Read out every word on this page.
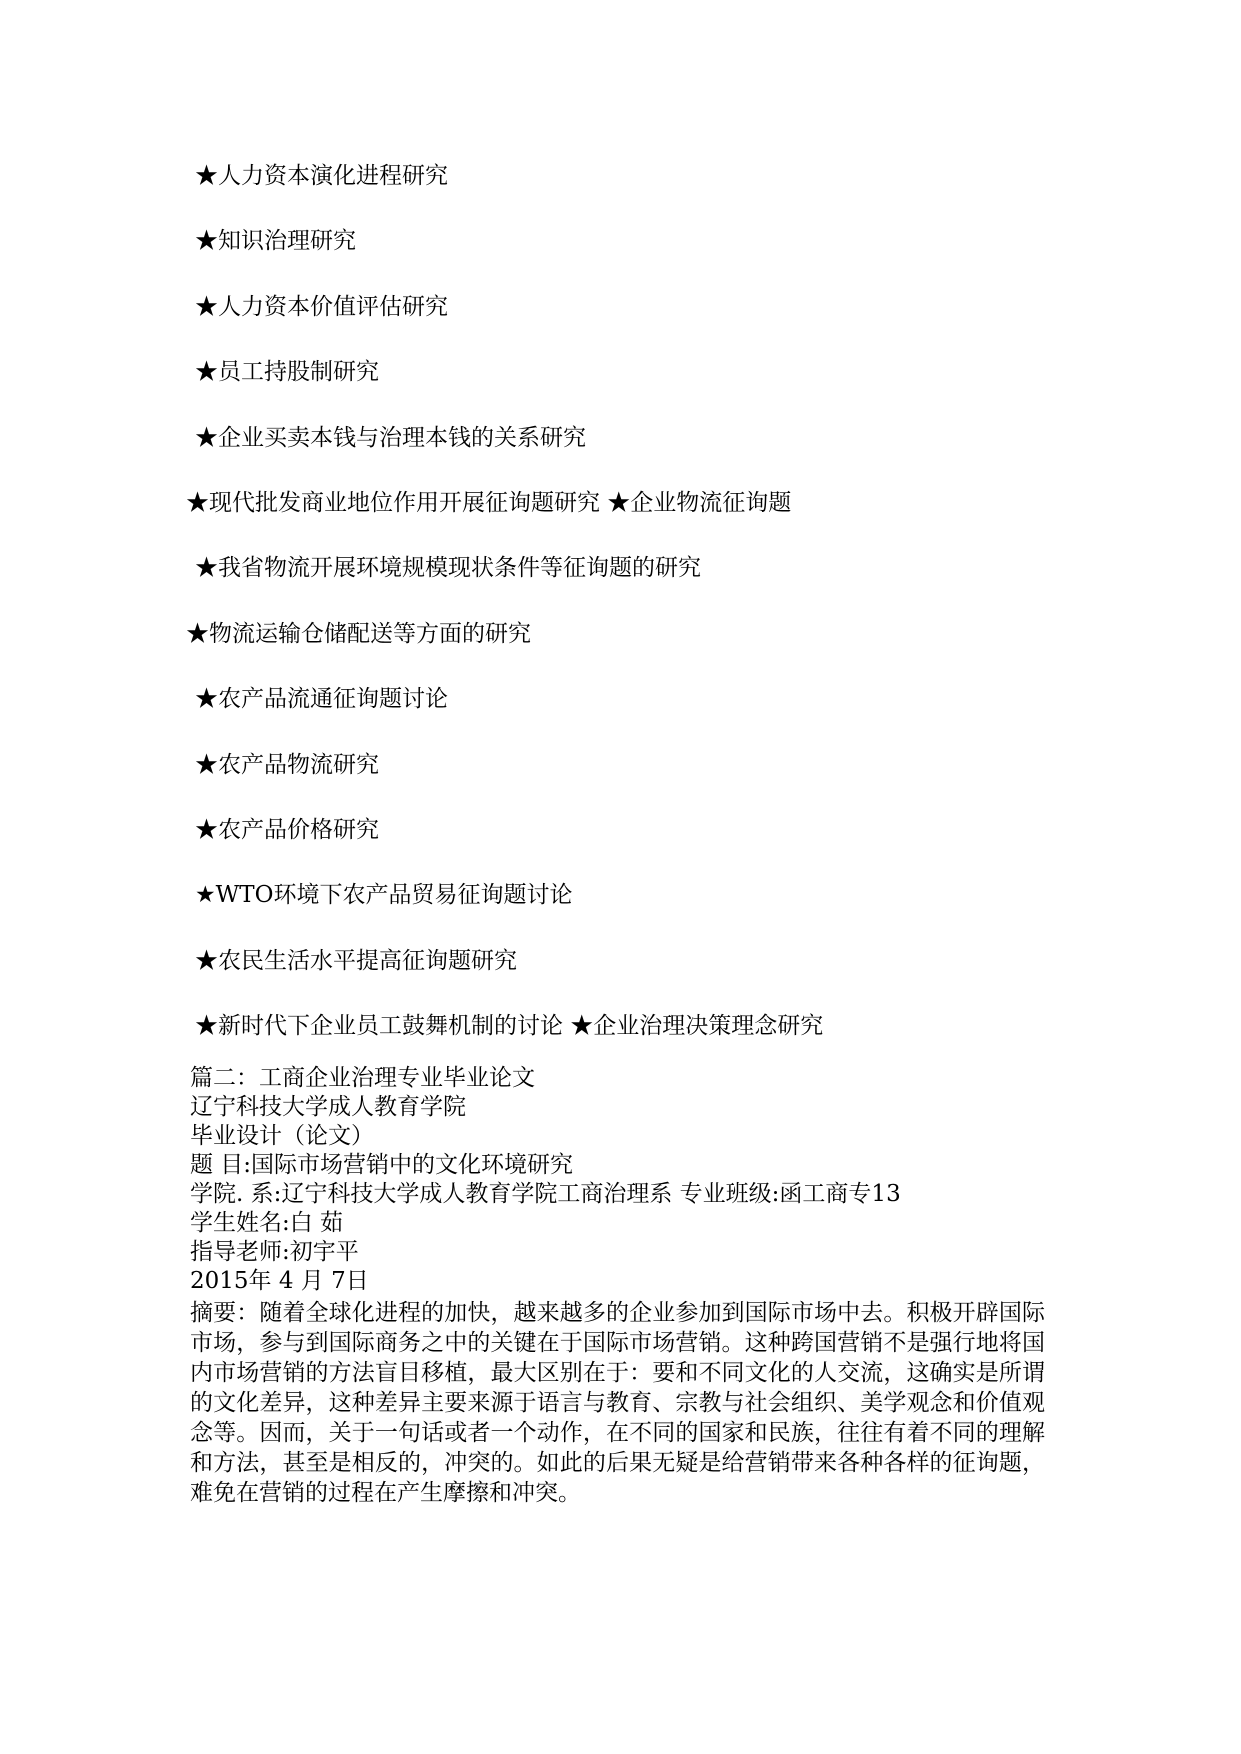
★人力资本演化进程研究
★知识治理研究
★人力资本价值评估研究
★员工持股制研究
★企业买卖本钱与治理本钱的关系研究
★现代批发商业地位作用开展征询题研究 ★企业物流征询题
★我省物流开展环境规模现状条件等征询题的研究
★物流运输仓储配送等方面的研究
★农产品流通征询题讨论
★农产品物流研究
★农产品价格研究
★WTO环境下农产品贸易征询题讨论
★农民生活水平提高征询题研究
★新时代下企业员工鼓舞机制的讨论 ★企业治理决策理念研究
篇二：工商企业治理专业毕业论文
辽宁科技大学成人教育学院
毕业设计（论文）
题 目:国际市场营销中的文化环境研究
学院. 系:辽宁科技大学成人教育学院工商治理系 专业班级:函工商专13
学生姓名:白 茹
指导老师:初宇平
2015年 4 月 7日
摘要：随着全球化进程的加快，越来越多的企业参加到国际市场中去。积极开辟国际市场，参与到国际商务之中的关键在于国际市场营销。这种跨国营销不是强行地将国内市场营销的方法盲目移植，最大区别在于：要和不同文化的人交流，这确实是所谓的文化差异，这种差异主要来源于语言与教育、宗教与社会组织、美学观念和价值观念等。因而，关于一句话或者一个动作，在不同的国家和民族，往往有着不同的理解和方法，甚至是相反的，冲突的。如此的后果无疑是给营销带来各种各样的征询题，难免在营销的过程在产生摩擦和冲突。
